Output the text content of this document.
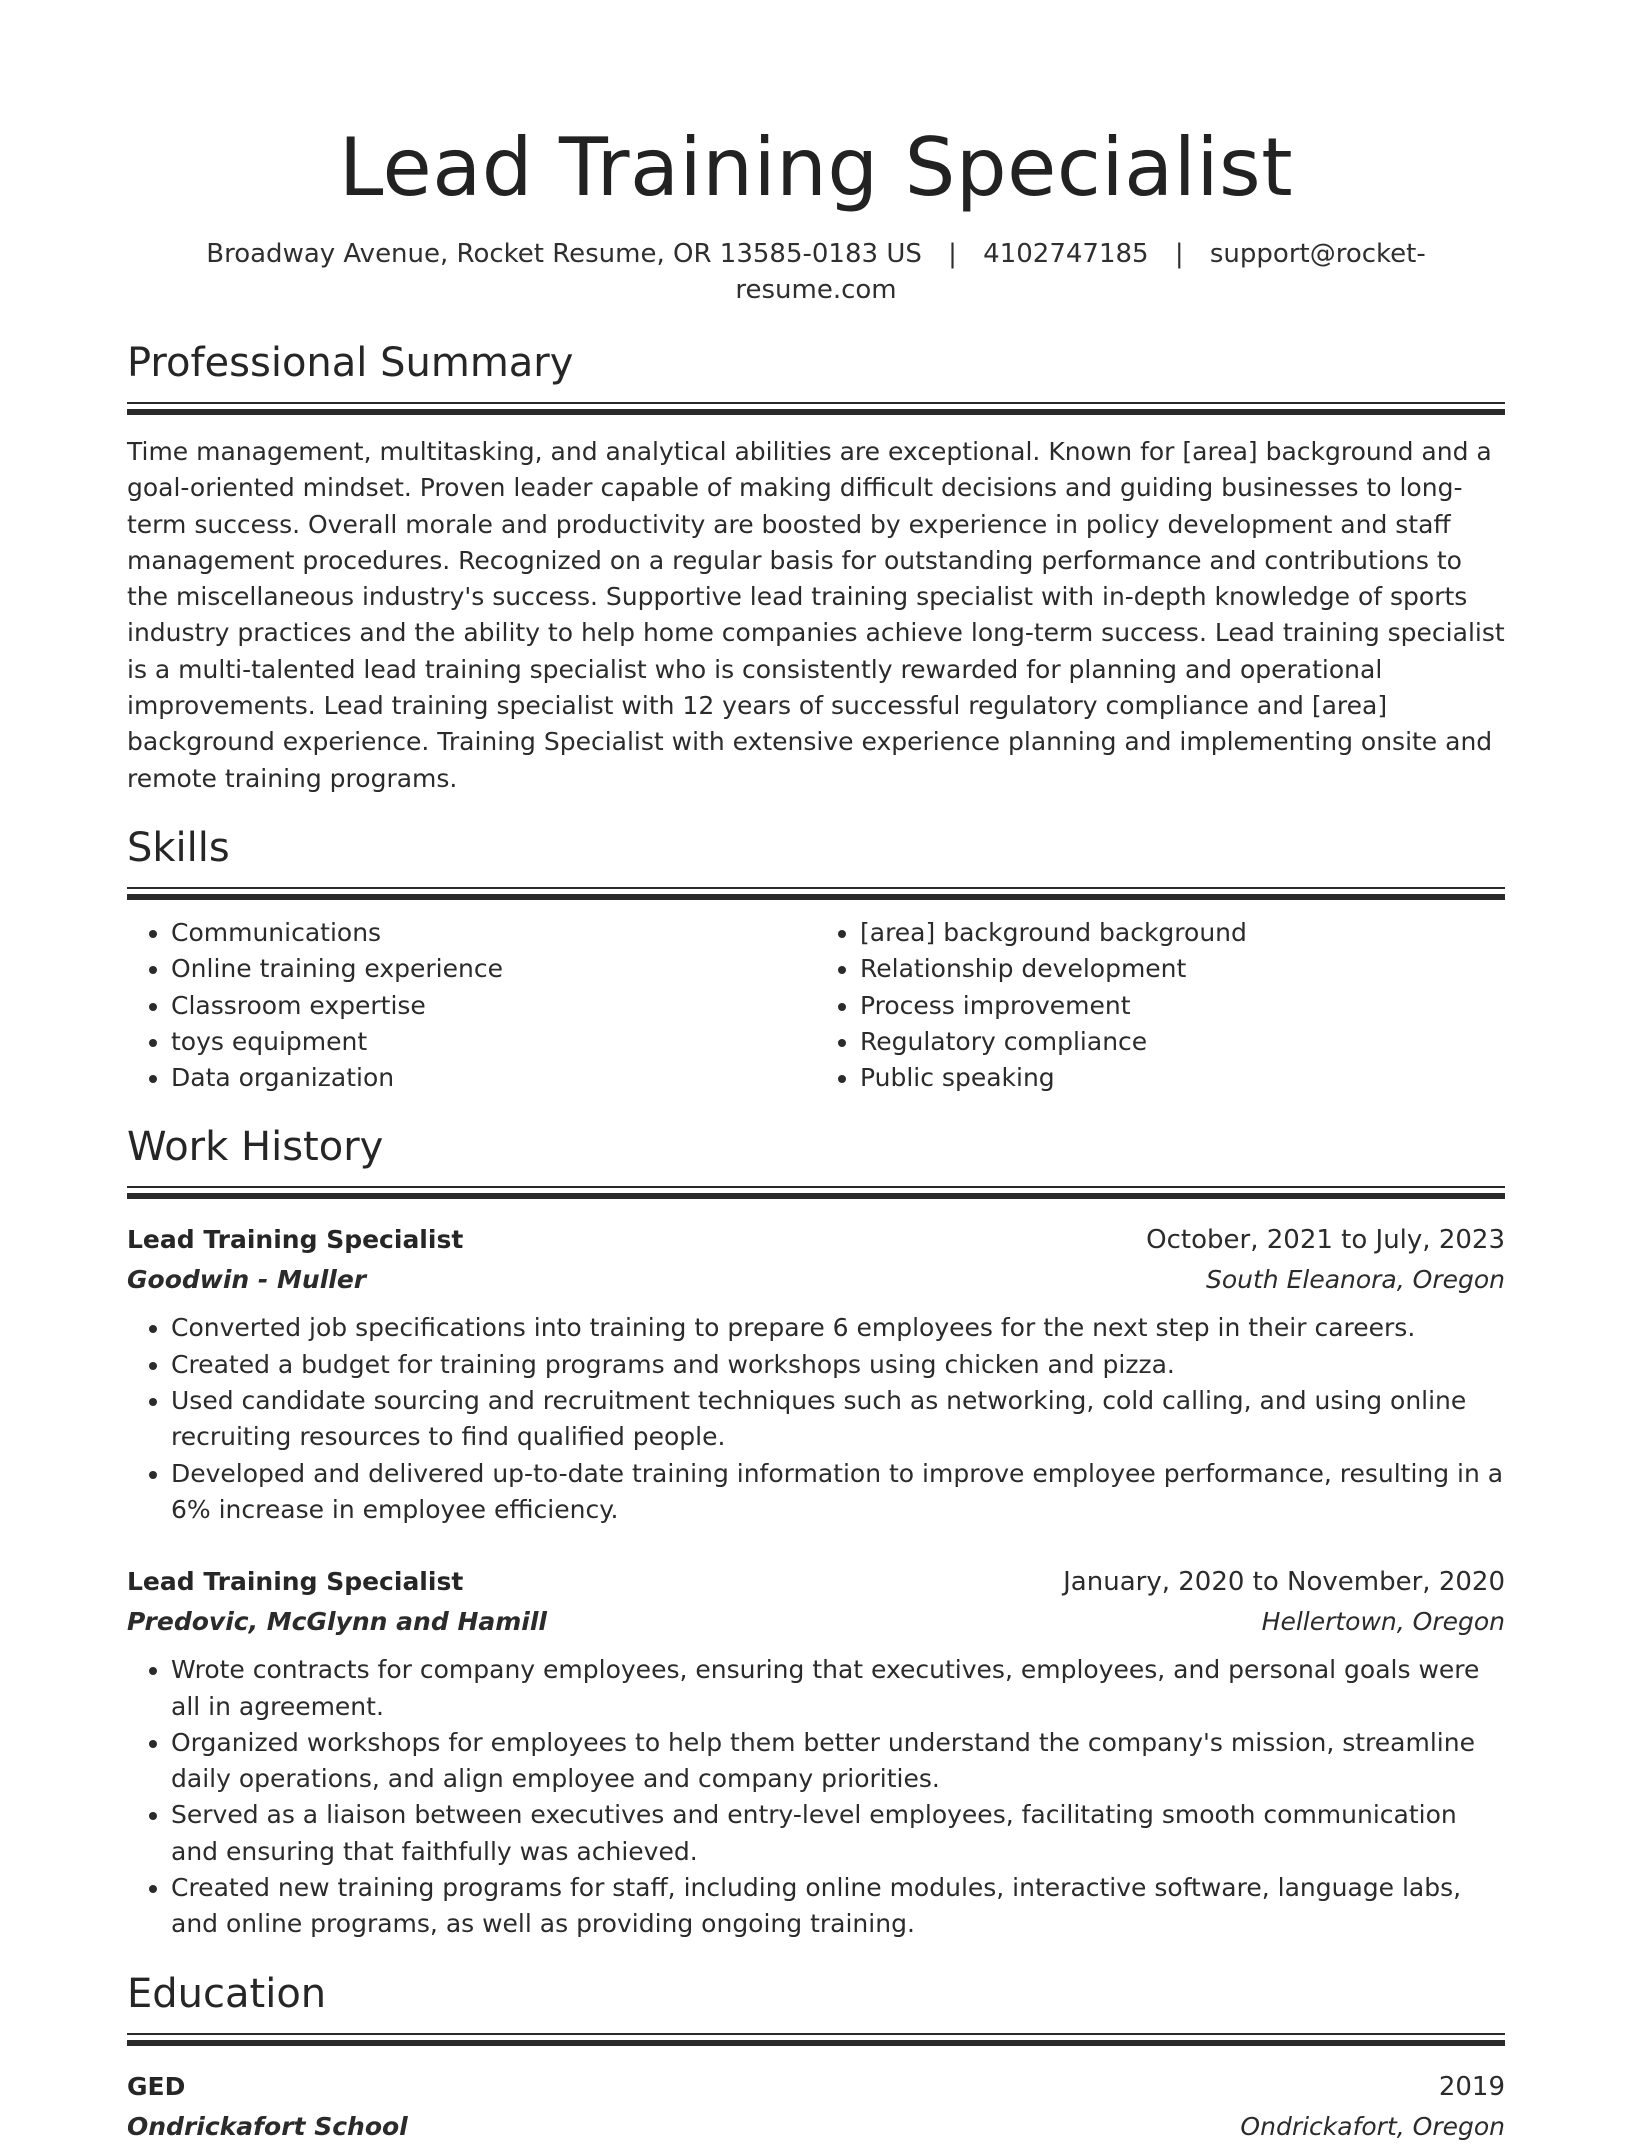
Lead Training Specialist
Broadway Avenue, Rocket Resume, OR 13585-0183 US | 4102747185 | support@rocket-resume.com
Professional Summary
Time management, multitasking, and analytical abilities are exceptional. Known for [area] background and a goal-oriented mindset. Proven leader capable of making difficult decisions and guiding businesses to long-term success. Overall morale and productivity are boosted by experience in policy development and staff management procedures. Recognized on a regular basis for outstanding performance and contributions to the miscellaneous industry's success. Supportive lead training specialist with in-depth knowledge of sports industry practices and the ability to help home companies achieve long-term success. Lead training specialist is a multi-talented lead training specialist who is consistently rewarded for planning and operational improvements. Lead training specialist with 12 years of successful regulatory compliance and [area] background experience. Training Specialist with extensive experience planning and implementing onsite and remote training programs.
Skills
• Communications
• Online training experience
• Classroom expertise
• toys equipment
• Data organization
• [area] background background
• Relationship development
• Process improvement
• Regulatory compliance
• Public speaking
Work History
Lead Training Specialist	October, 2021 to July, 2023
Goodwin - Muller	South Eleanora, Oregon
• Converted job specifications into training to prepare 6 employees for the next step in their careers.
• Created a budget for training programs and workshops using chicken and pizza.
• Used candidate sourcing and recruitment techniques such as networking, cold calling, and using online recruiting resources to find qualified people.
• Developed and delivered up-to-date training information to improve employee performance, resulting in a 6% increase in employee efficiency.
Lead Training Specialist	January, 2020 to November, 2020
Predovic, McGlynn and Hamill	Hellertown, Oregon
• Wrote contracts for company employees, ensuring that executives, employees, and personal goals were all in agreement.
• Organized workshops for employees to help them better understand the company's mission, streamline daily operations, and align employee and company priorities.
• Served as a liaison between executives and entry-level employees, facilitating smooth communication and ensuring that faithfully was achieved.
• Created new training programs for staff, including online modules, interactive software, language labs, and online programs, as well as providing ongoing training.
Education
GED	2019
Ondrickafort School	Ondrickafort, Oregon
